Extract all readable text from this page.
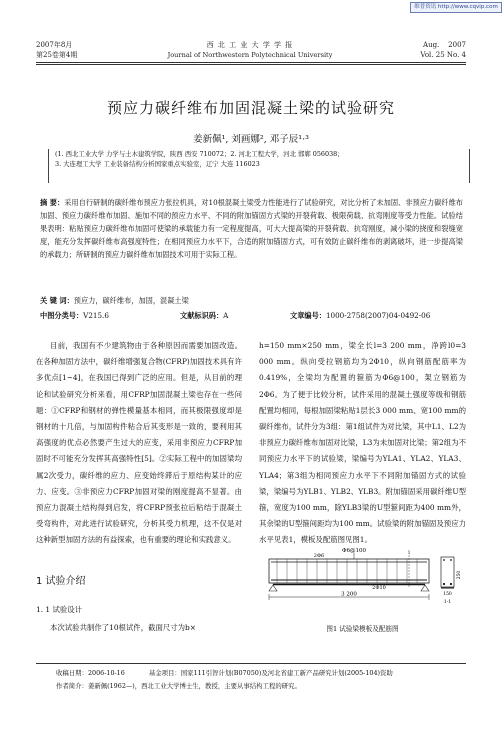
维普资讯 http://www.cqvip.com
2007年8月
第25卷第4期
西 北 工 业 大 学 学 报
Journal of Northwestern Polytechnical University
Aug.    2007
Vol. 25 No. 4
预应力碳纤维布加固混凝土梁的试验研究
姜新佩¹, 刘画娜², 邓子辰¹·³
(1. 西北工业大学 力学与土木建筑学院，陕西 西安 710072；2. 河北工程大学，河北 邯郸 056038；
3. 大连理工大学 工业装备结构分析国家重点实验室，辽宁 大连 116023
摘 要：采用自行研制的碳纤维布预应力张拉机具，对10根混凝土梁受力性能进行了试验研究，对比分析了未加固、非预应力碳纤维布加固、预应力碳纤维布加固、施加不同的预应力水平、不同的附加锚固方式梁的开裂荷载、极限荷载、抗弯刚度等受力性能。试验结果表明：粘贴预应力碳纤维布加固可使梁的承载能力有一定程度提高，可大大提高梁的开裂荷载、抗弯刚度，减小梁的挠度和裂缝宽度，能充分发挥碳纤维布高强度特性；在相同预应力水平下，合适的附加锚固方式，可有效防止碳纤维布的剥离破坏，进一步提高梁的承载力；所研制的预应力碳纤维布加固技术可用于实际工程。
关 键 词：预应力，碳纤维布，加固，混凝土梁
中图分类号：V215.6	文献标识码：A	文章编号：1000-2758(2007)04-0492-06
目前，我国有不少建筑物由于各种原因而需要加固改造。在各种加固方法中，碳纤维增强复合物(CFRP)加固技术具有许多优点[1~4]，在我国已得到广泛的应用。但是，从目前的理论和试验研究分析来看，用CFRP加固混凝土梁也存在一些问题：①CFRP和钢材的弹性模量基本相同，而其极限强度却是钢材的十几倍，与加固构件粘合后其变形是一致的，要利用其高强度的优点必然要产生过大的应变，采用非预应力CFRP加固时不可能充分发挥其高强特性[5]。②实际工程中的加固梁均属2次受力，碳纤维的应力、应变始终滞后于原结构某计的应力、应变。③非预应力CFRP加固对梁的刚度提高不显著。由预应力混凝土结构得到启发，将CFRP预张拉后粘结于混凝土受弯构件，对此进行试验研究，分析其受力机理，这不仅是对这种新型加固方法的有益探索，也有重要的理论和实践意义。
1 试验介绍
1. 1 试验设计
本次试验共制作了10根试件，截面尺寸为b×
h=150 mm×250 mm，梁全长l=3 200 mm，净跨l0=3 000 mm。纵向受拉钢筋均为2Φ10，纵向钢筋配筋率为0.419%，全梁均为配置的箍筋为Φ6@100，架立钢筋为2Φ6。为了便于比较分析，试件采用的混凝土强度等级和钢筋配置均相同，每根加固梁粘贴1层长3 000 mm、宽100 mm的碳纤维布，试件分为3组：第1组试件为对比梁，其中L1、L2为非预应力碳纤维布加固对比梁，L3为未加固对比梁；第2组为不同预应力水平下的试验梁，梁编号为YLA1、YLA2、YLA3、YLA4；第3组为相同预应力水平下不同附加锚固方式的试验梁，梁编号为YLB1、YLB2、YLB3。附加锚固采用碳纤维U型箍，宽度为100 mm，除YLB3梁的U型箍间距为400 mm外，其余梁的U型箍间距均为100 mm。试验梁的附加锚固及预应力水平见表1，模板及配筋图见图1。
Φ6@100
2Φ6
2Φ10
3 200
1
250
150
1-1
图1 试验梁模板及配筋图
收稿日期：2006-10-16	基金项目：国家111引智计划(B07050)及河北省建工新产品研究计划(2005-104)资助
作者简介：姜新佩(1962—)，西北工业大学博士生，教授，主要从事结构工程的研究。
